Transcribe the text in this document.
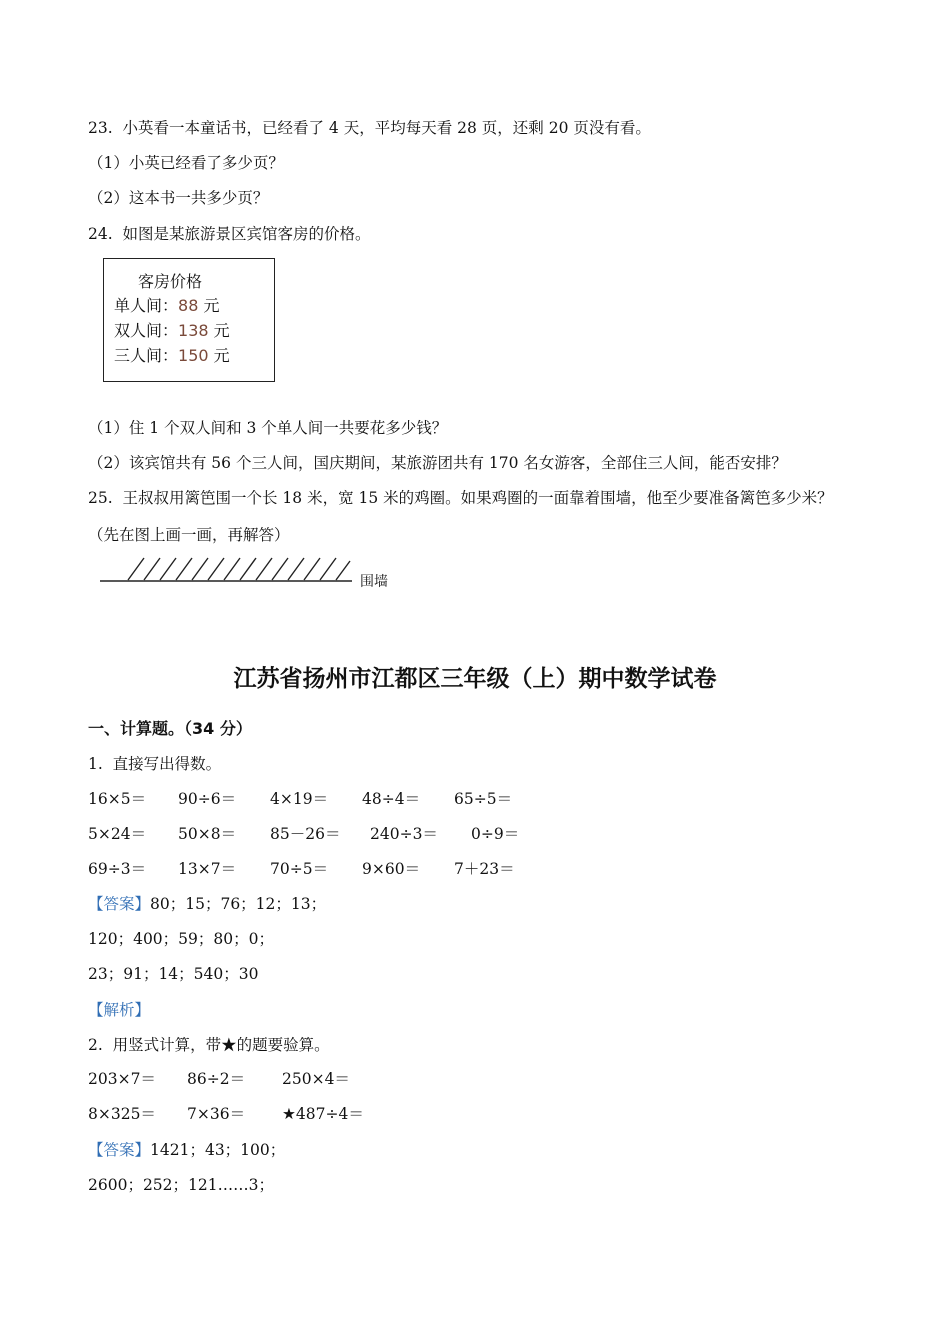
23.  小英看一本童话书，已经看了 4 天，平均每天看 28 页，还剩 20 页没有看。
（1）小英已经看了多少页？
（2）这本书一共多少页？
24.  如图是某旅游景区宾馆客房的价格。
客房价格
单人间：88 元
双人间：138 元
三人间：150 元
（1）住 1 个双人间和 3 个单人间一共要花多少钱？
（2）该宾馆共有 56 个三人间，国庆期间，某旅游团共有 170 名女游客，全部住三人间，能否安排？
25.  王叔叔用篱笆围一个长 18 米，宽 15 米的鸡圈。如果鸡圈的一面靠着围墙，他至少要准备篱笆多少米？
（先在图上画一画，再解答）
围墙
江苏省扬州市江都区三年级（上）期中数学试卷
一、计算题。（34 分）
1.  直接写出得数。
16×5＝ 90÷6＝ 4×19＝ 48÷4＝ 65÷5＝
5×24＝ 50×8＝ 85－26＝ 240÷3＝ 0÷9＝
69÷3＝ 13×7＝ 70÷5＝ 9×60＝ 7＋23＝
【答案】80；15；76；12；13；
120；400；59；80；0；
23；91；14；540；30
【解析】
2.  用竖式计算，带★的题要验算。
203×7＝ 86÷2＝ 250×4＝
8×325＝ 7×36＝ ★487÷4＝
【答案】1421；43；100；
2600；252；121……3；
